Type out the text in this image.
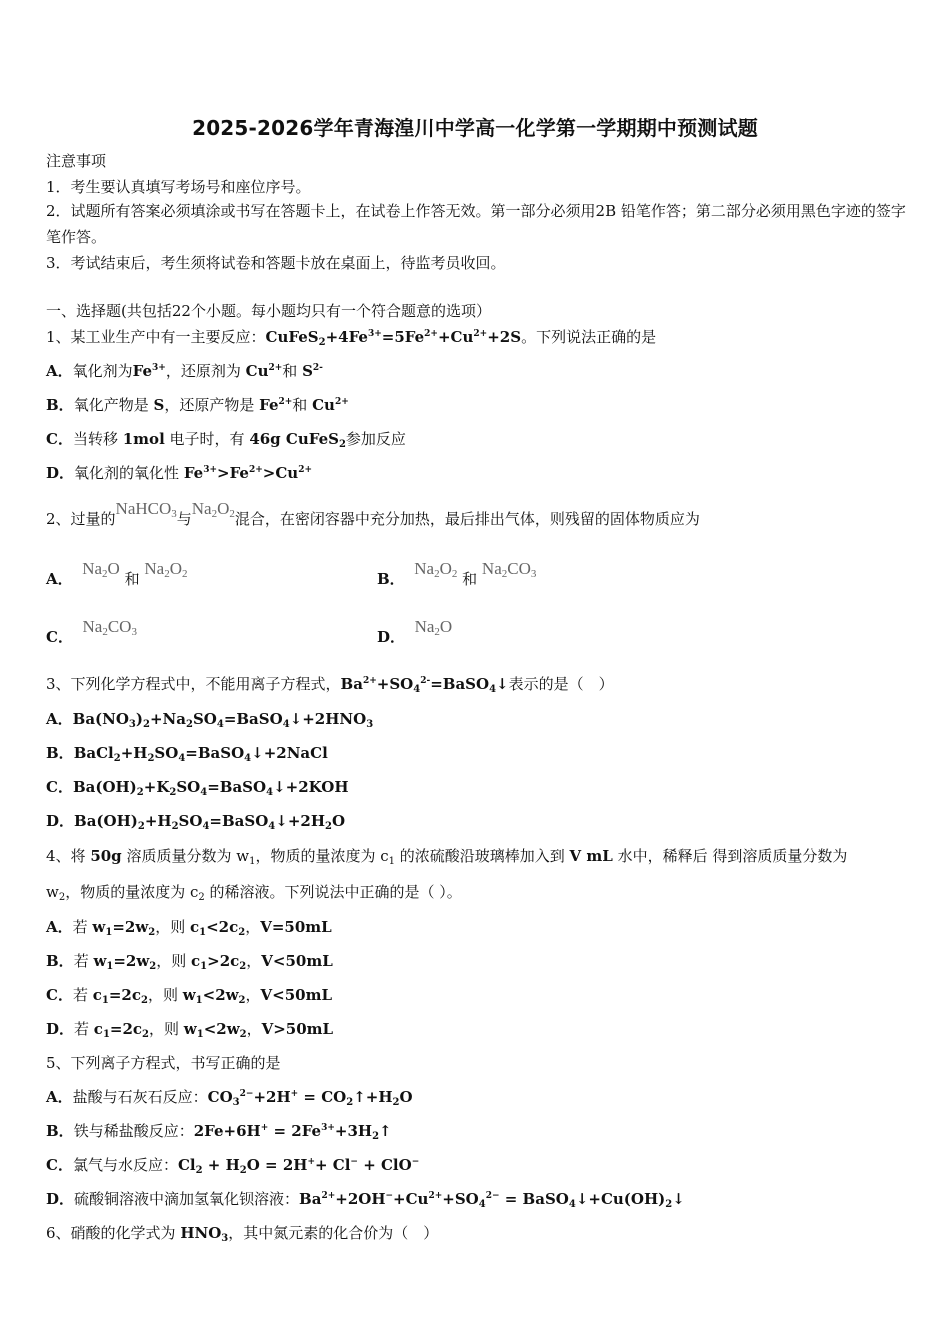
2025-2026学年青海湟川中学高一化学第一学期期中预测试题
注意事项
1．考生要认真填写考场号和座位序号。
2．试题所有答案必须填涂或书写在答题卡上，在试卷上作答无效。第一部分必须用2B 铅笔作答；第二部分必须用黑色字迹的签字笔作答。
3．考试结束后，考生须将试卷和答题卡放在桌面上，待监考员收回。
一、选择题(共包括22个小题。每小题均只有一个符合题意的选项）
1、某工业生产中有一主要反应：$CuFeS_2+4Fe^{3+}=5Fe^{2+}+Cu^{2+}+2S$。下列说法正确的是
A．氧化剂为$Fe^{3+}$，还原剂为 $Cu^{2+}$和 $S^{2-}$
B．氧化产物是 S，还原产物是 $Fe^{2+}$和 $Cu^{2+}$
C．当转移 1mol 电子时，有 46g CuFeS$_2$参加反应
D．氧化剂的氧化性 $Fe^{3+}>Fe^{2+}>Cu^{2+}$
2、过量的NaHCO$_3$与$Na_2O_2$混合，在密闭容器中充分加热，最后排出气体，则残留的固体物质应为
A．  $Na_2O$ 和 $Na_2O_2$	B．  $Na_2O_2$ 和 $Na_2CO_3$
C．  $Na_2CO_3$	D．  $Na_2O$
3、下列化学方程式中，不能用离子方程式，$Ba^{2+}+SO_4^{2-}=BaSO_4↓$表示的是（　）
A．$Ba(NO_3)_2+Na_2SO_4=BaSO_4↓+2HNO_3$
B．$BaCl_2+H_2SO_4=BaSO_4↓+2NaCl$
C．$Ba(OH)_2+K_2SO_4=BaSO_4↓+2KOH$
D．$Ba(OH)_2+H_2SO_4=BaSO_4↓+2H_2O$
4、将 50g 溶质质量分数为 $w_1$，物质的量浓度为 $c_1$ 的浓硫酸沿玻璃棒加入到 V mL 水中，稀释后 得到溶质质量分数为
$w_2$，物质的量浓度为 $c_2$ 的稀溶液。下列说法中正确的是（ ）。
A．若 $w_1=2w_2$，则 $c_1<2c_2$，V=50mL
B．若 $w_1=2w_2$，则 $c_1>2c_2$，V<50mL
C．若 $c_1=2c_2$，则 $w_1<2w_2$，V<50mL
D．若 $c_1=2c_2$，则 $w_1<2w_2$，V>50mL
5、下列离子方程式，书写正确的是
A．盐酸与石灰石反应：$CO_3^{2-}+2H^+$ = $CO_2↑+H_2O$
B．铁与稀盐酸反应：$2Fe+6H^+ = 2Fe^{3+}+3H_2↑$
C．氯气与水反应：$Cl_2 + H_2O = 2H^++ Cl^- + ClO^-$
D．硫酸铜溶液中滴加氢氧化钡溶液：$Ba^{2+}+2OH^-+Cu^{2+}+SO_4^{2-}$ = $BaSO_4↓+Cu(OH)_2↓$
6、硝酸的化学式为 $HNO_3$，其中氮元素的化合价为（　）
